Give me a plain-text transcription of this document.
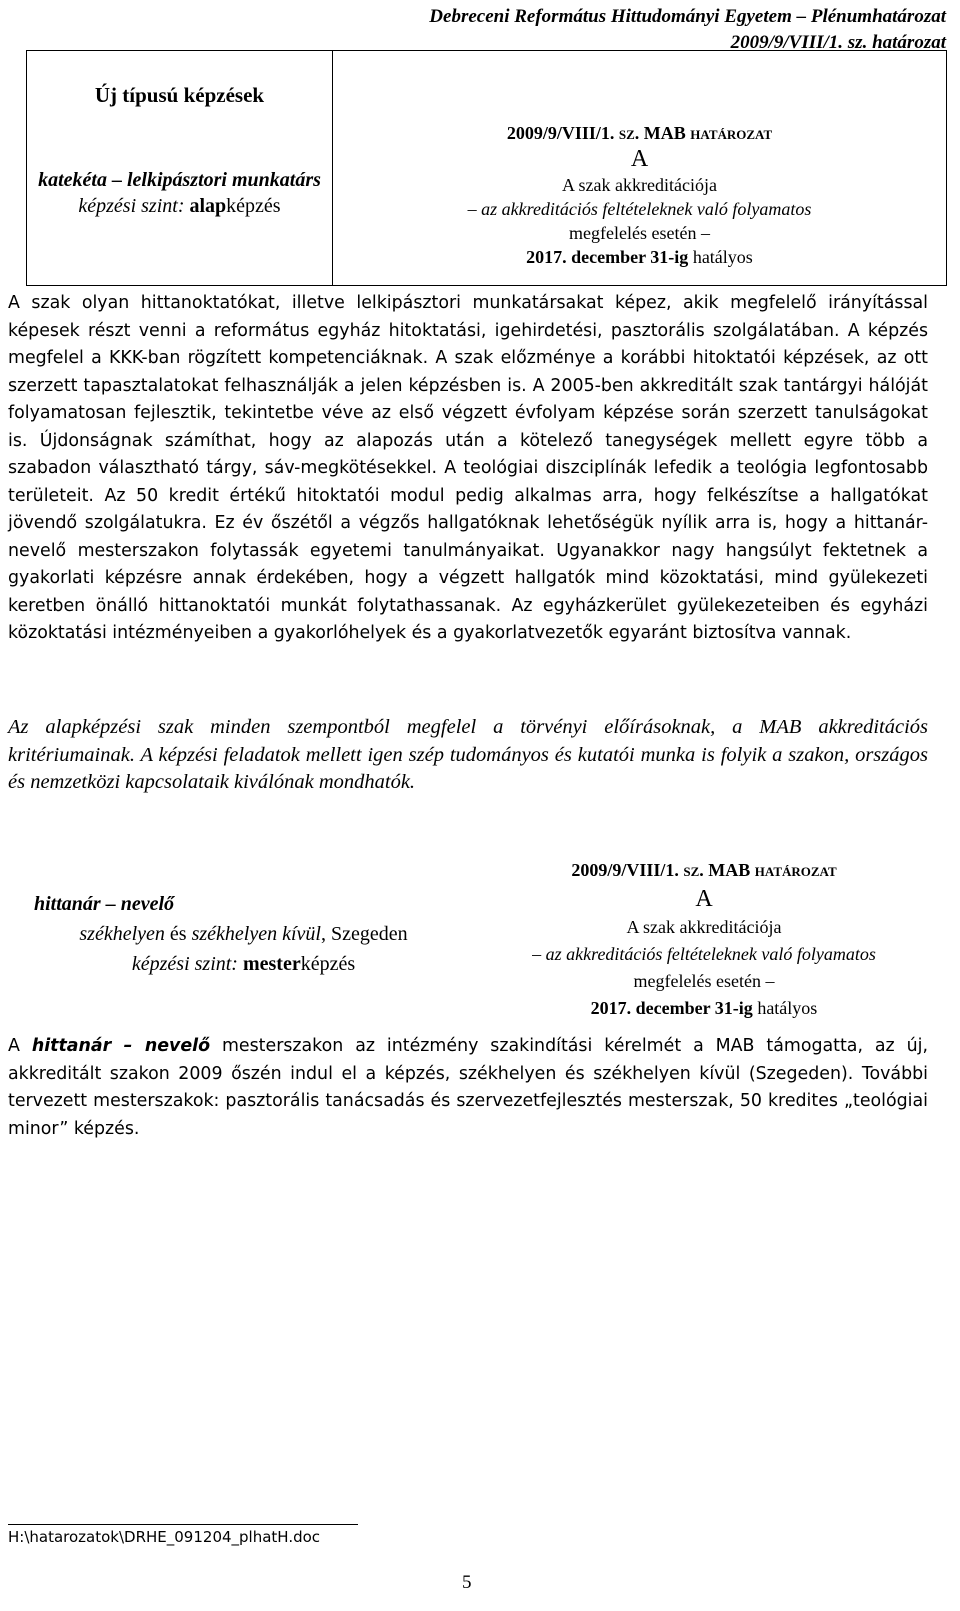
Debreceni Református Hittudományi Egyetem – Plénumhatározat
2009/9/VIII/1. sz. határozat
Új típusú képzések
katekéta – lelkipásztori munkatárs
képzési szint: alapképzés
2009/9/VIII/1. sz. MAB határozat
A
A szak akkreditációja
– az akkreditációs feltételeknek való folyamatos
megfelelés esetén –
2017. december 31-ig hatályos
A szak olyan hittanoktatókat, illetve lelkipásztori munkatársakat képez, akik megfelelő irányítással képesek részt venni a református egyház hitoktatási, igehirdetési, pasztorális szolgálatában. A képzés megfelel a KKK-ban rögzített kompetenciáknak. A szak előzménye a korábbi hitoktatói képzések, az ott szerzett tapasztalatokat felhasználják a jelen képzésben is. A 2005-ben akkreditált szak tantárgyi hálóját folyamatosan fejlesztik, tekintetbe véve az első végzett évfolyam képzése során szerzett tanulságokat is. Újdonságnak számíthat, hogy az alapozás után a kötelező tanegységek mellett egyre több a szabadon választható tárgy, sáv-megkötésekkel. A teológiai diszciplínák lefedik a teológia legfontosabb területeit. Az 50 kredit értékű hitoktatói modul pedig alkalmas arra, hogy felkészítse a hallgatókat jövendő szolgálatukra. Ez év őszétől a végzős hallgatóknak lehetőségük nyílik arra is, hogy a hittanár-nevelő mesterszakon folytassák egyetemi tanulmányaikat. Ugyanakkor nagy hangsúlyt fektetnek a gyakorlati képzésre annak érdekében, hogy a végzett hallgatók mind közoktatási, mind gyülekezeti keretben önálló hittanoktatói munkát folytathassanak. Az egyházkerület gyülekezeteiben és egyházi közoktatási intézményeiben a gyakorlóhelyek és a gyakorlatvezetők egyaránt biztosítva vannak.
Az alapképzési szak minden szempontból megfelel a törvényi előírásoknak, a MAB akkreditációs kritériumainak. A képzési feladatok mellett igen szép tudományos és kutatói munka is folyik a szakon, országos és nemzetközi kapcsolataik kiválónak mondhatók.
hittanár – nevelő
székhelyen és székhelyen kívül, Szegeden
képzési szint: mesterképzés
2009/9/VIII/1. sz. MAB határozat
A
A szak akkreditációja
– az akkreditációs feltételeknek való folyamatos
megfelelés esetén –
2017. december 31-ig hatályos
A hittanár – nevelő mesterszakon az intézmény szakindítási kérelmét a MAB támogatta, az új, akkreditált szakon 2009 őszén indul el a képzés, székhelyen és székhelyen kívül (Szegeden). További tervezett mesterszakok: pasztorális tanácsadás és szervezetfejlesztés mesterszak, 50 kredites „teológiai minor” képzés.
H:\hatarozatok\DRHE_091204_plhatH.doc
5
